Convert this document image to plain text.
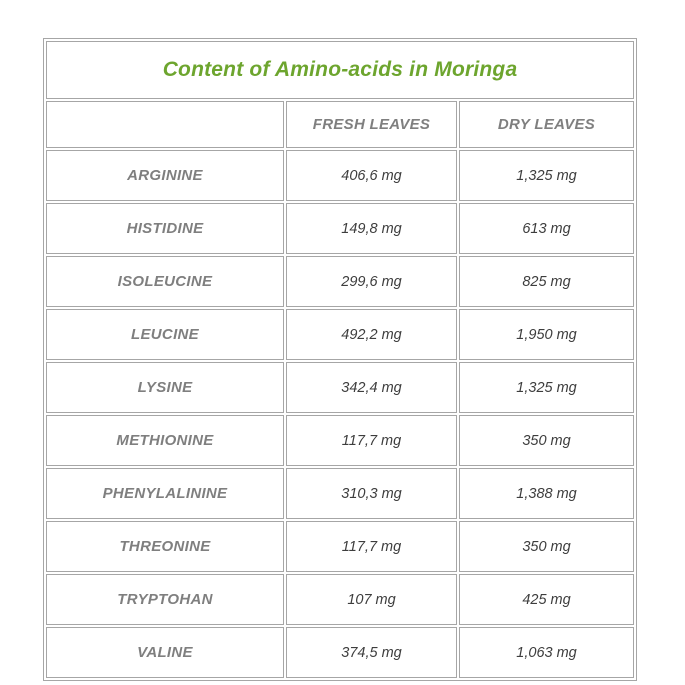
Content of Amino-acids in Moringa		
	FRESH LEAVES	DRY LEAVES
ARGININE	406,6 mg	1,325 mg
HISTIDINE	149,8 mg	613 mg
ISOLEUCINE	299,6 mg	825 mg
LEUCINE	492,2 mg	1,950 mg
LYSINE	342,4 mg	1,325 mg
METHIONINE	117,7 mg	350 mg
PHENYLALININE	310,3 mg	1,388 mg
THREONINE	117,7 mg	350 mg
TRYPTOHAN	107 mg	425 mg
VALINE	374,5 mg	1,063 mg
